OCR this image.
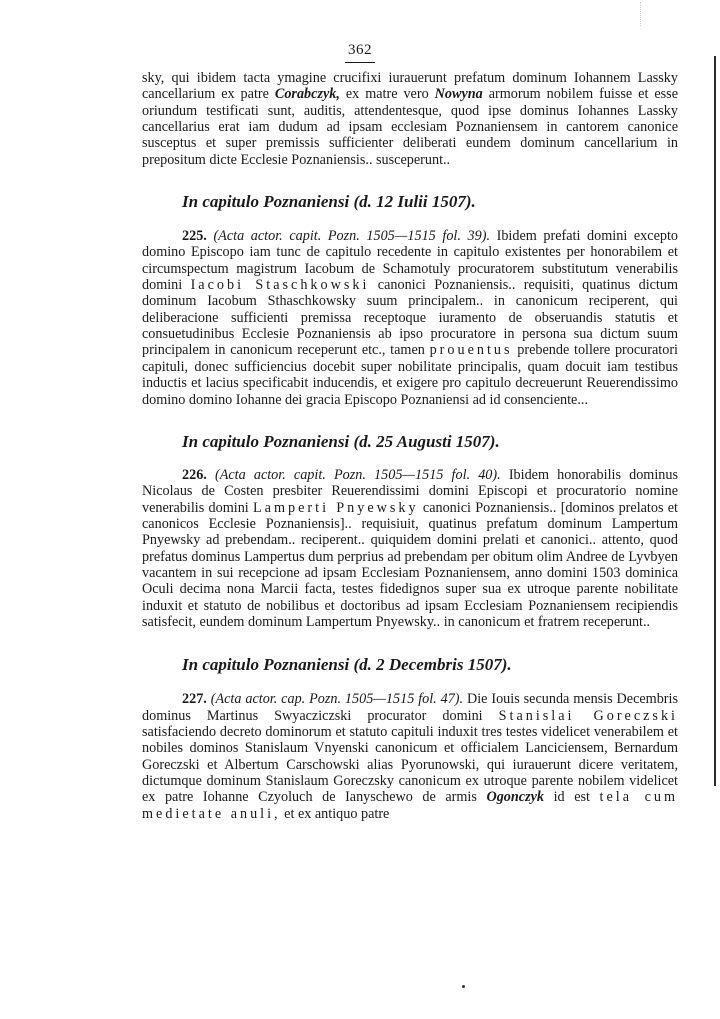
362

sky, qui ibidem tacta ymagine crucifixi iurauerunt prefatum dominum Iohannem Lassky cancellarium ex patre Corabczyk, ex matre vero Nowyna armorum nobilem fuisse et esse oriundum testificati sunt, auditis, attendentesque, quod ipse dominus Iohannes Lassky cancellarius erat iam dudum ad ipsam ecclesiam Poznaniensem in cantorem canonice susceptus et super premissis sufficienter deliberati eundem dominum cancellarium in prepositum dicte Ecclesie Poznaniensis.. susceperunt..

In capitulo Poznaniensi (d. 12 Iulii 1507).

225. (Acta actor. capit. Pozn. 1505—1515 fol. 39). Ibidem prefati domini excepto domino Episcopo iam tunc de capitulo recedente in capitulo existentes per honorabilem et circumspectum magistrum Iacobum de Schamotuly procuratorem substitutum venerabilis domini Iacobi Staschkowski canonici Poznaniensis.. requisiti, quatinus dictum dominum Iacobum Sthaschkowsky suum principalem.. in canonicum reciperent, qui deliberacione sufficienti premissa receptoque iuramento de obseruandis statutis et consuetudinibus Ecclesie Poznaniensis ab ipso procuratore in persona sua dictum suum principalem in canonicum receperunt etc., tamen prouentus prebende tollere procuratori capituli, donec sufficiencius docebit super nobilitate principalis, quam docuit iam testibus inductis et lacius specificabit inducendis, et exigere pro capitulo decreuerunt Reuerendissimo domino domino Iohanne dei gracia Episcopo Poznaniensi ad id consenciente...

In capitulo Poznaniensi (d. 25 Augusti 1507).

226. (Acta actor. capit. Pozn. 1505—1515 fol. 40). Ibidem honorabilis dominus Nicolaus de Costen presbiter Reuerendissimi domini Episcopi et procuratorio nomine venerabilis domini Lamperti Pnyewsky canonici Poznaniensis.. [dominos prelatos et canonicos Ecclesie Poznaniensis].. requisiuit, quatinus prefatum dominum Lampertum Pnyewsky ad prebendam.. reciperent.. quiquidem domini prelati et canonici.. attento, quod prefatus dominus Lampertus dum perprius ad prebendam per obitum olim Andree de Lyvbyen vacantem in sui recepcione ad ipsam Ecclesiam Poznaniensem, anno domini 1503 dominica Oculi decima nona Marcii facta, testes fidedignos super sua ex utroque parente nobilitate induxit et statuto de nobilibus et doctoribus ad ipsam Ecclesiam Poznaniensem recipiendis satisfecit, eundem dominum Lampertum Pnyewsky.. in canonicum et fratrem receperunt..

In capitulo Poznaniensi (d. 2 Decembris 1507).

227. (Acta actor. cap. Pozn. 1505—1515 fol. 47). Die Iouis secunda mensis Decembris dominus Martinus Swyacziczski procurator domini Stanislai Goreczski satisfaciendo decreto dominorum et statuto capituli induxit tres testes videlicet venerabilem et nobiles dominos Stanislaum Vnyenski canonicum et officialem Lanciciensem, Bernardum Goreczski et Albertum Carschowski alias Pyorunowski, qui iurauerunt dicere veritatem, dictumque dominum Stanislaum Goreczsky canonicum ex utroque parente nobilem videlicet ex patre Iohanne Czyoluch de Ianyschewo de armis Ogonczyk id est tela cum medietate anuli, et ex antiquo patre
